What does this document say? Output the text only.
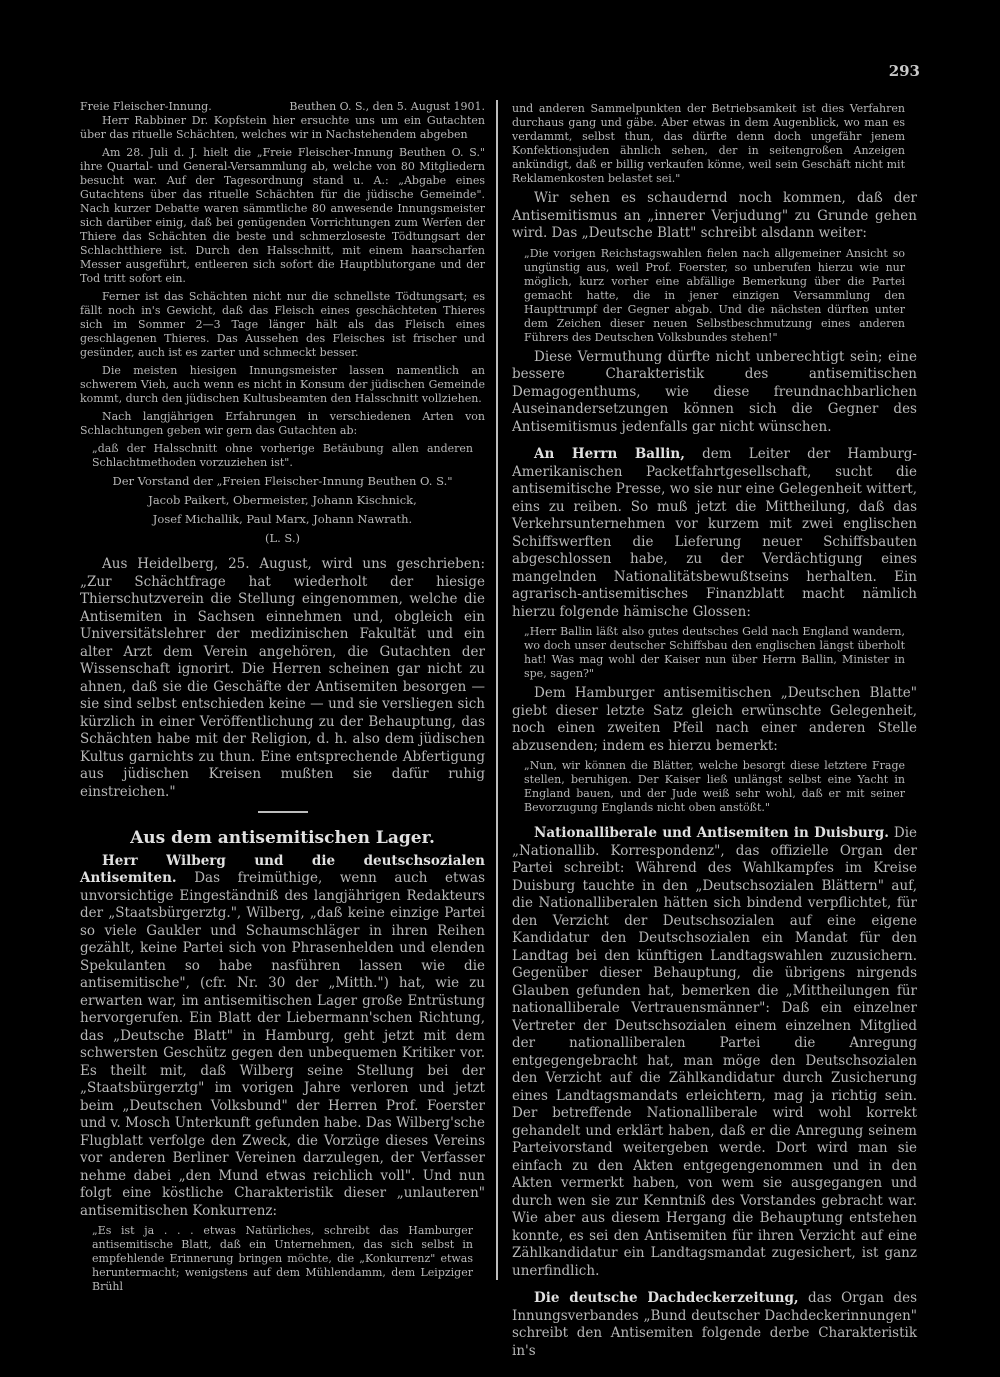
293
Freie Fleischer-Innung.	Beuthen O. S., den 5. August 1901.

Herr Rabbiner Dr. Kopfstein hier ersuchte uns um ein Gutachten über das rituelle Schächten, welches wir in Nachstehendem abgeben

Am 28. Juli d. J. hielt die „Freie Fleischer-Innung Beuthen O. S." ihre Quartal- und General-Versammlung ab, welche von 80 Mitgliedern besucht war. Auf der Tagesordnung stand u. A.: „Abgabe eines Gutachtens über das rituelle Schächten für die jüdische Gemeinde". Nach kurzer Debatte waren sämmtliche 80 anwesende Innungsmeister sich darüber einig, daß bei genügenden Vorrichtungen zum Werfen der Thiere das Schächten die beste und schmerzloseste Tödtungsart der Schlachtthiere ist. Durch den Halsschnitt, mit einem haarscharfen Messer ausgeführt, entleeren sich sofort die Hauptblutorgane und der Tod tritt sofort ein.

Ferner ist das Schächten nicht nur die schnellste Tödtungsart; es fällt noch in's Gewicht, daß das Fleisch eines geschächteten Thieres sich im Sommer 2—3 Tage länger hält als das Fleisch eines geschlagenen Thieres. Das Aussehen des Fleisches ist frischer und gesünder, auch ist es zarter und schmeckt besser.

Die meisten hiesigen Innungsmeister lassen namentlich an schwerem Vieh, auch wenn es nicht in Konsum der jüdischen Gemeinde kommt, durch den jüdischen Kultusbeamten den Halsschnitt vollziehen.

Nach langjährigen Erfahrungen in verschiedenen Arten von Schlachtungen geben wir gern das Gutachten ab:

„daß der Halsschnitt ohne vorherige Betäubung allen anderen Schlachtmethoden vorzuziehen ist".

Der Vorstand der „Freien Fleischer-Innung Beuthen O. S."

Jacob Paikert, Obermeister, Johann Kischnick,

Josef Michallik, Paul Marx, Johann Nawrath.

(L. S.)

Aus Heidelberg, 25. August, wird uns geschrieben: „Zur Schächtfrage hat wiederholt der hiesige Thierschutzverein die Stellung eingenommen, welche die Antisemiten in Sachsen einnehmen und, obgleich ein Universitätslehrer der medizinischen Fakultät und ein alter Arzt dem Verein angehören, die Gutachten der Wissenschaft ignorirt. Die Herren scheinen gar nicht zu ahnen, daß sie die Geschäfte der Antisemiten besorgen — sie sind selbst entschieden keine — und sie versliegen sich kürzlich in einer Veröffentlichung zu der Behauptung, das Schächten habe mit der Religion, d. h. also dem jüdischen Kultus garnichts zu thun. Eine entsprechende Abfertigung aus jüdischen Kreisen mußten sie dafür ruhig einstreichen."

Aus dem antisemitischen Lager.

Herr Wilberg und die deutschsozialen Antisemiten. Das freimüthige, wenn auch etwas unvorsichtige Eingeständniß des langjährigen Redakteurs der „Staatsbürgerztg.", Wilberg, „daß keine einzige Partei so viele Gaukler und Schaumschläger in ihren Reihen gezählt, keine Partei sich von Phrasenhelden und elenden Spekulanten so habe nasführen lassen wie die antisemitische", (cfr. Nr. 30 der „Mitth.") hat, wie zu erwarten war, im antisemitischen Lager große Entrüstung hervorgerufen. Ein Blatt der Liebermann'schen Richtung, das „Deutsche Blatt" in Hamburg, geht jetzt mit dem schwersten Geschütz gegen den unbequemen Kritiker vor. Es theilt mit, daß Wilberg seine Stellung bei der „Staatsbürgerztg" im vorigen Jahre verloren und jetzt beim „Deutschen Volksbund" der Herren Prof. Foerster und v. Mosch Unterkunft gefunden habe. Das Wilberg'sche Flugblatt verfolge den Zweck, die Vorzüge dieses Vereins vor anderen Berliner Vereinen darzulegen, der Verfasser nehme dabei „den Mund etwas reichlich voll". Und nun folgt eine köstliche Charakteristik dieser „unlauteren" antisemitischen Konkurrenz:

„Es ist ja . . . etwas Natürliches, schreibt das Hamburger antisemitische Blatt, daß ein Unternehmen, das sich selbst in empfehlende Erinnerung bringen möchte, die „Konkurrenz" etwas heruntermacht; wenigstens auf dem Mühlendamm, dem Leipziger Brühl

und anderen Sammelpunkten der Betriebsamkeit ist dies Verfahren durchaus gang und gäbe. Aber etwas in dem Augenblick, wo man es verdammt, selbst thun, das dürfte denn doch ungefähr jenem Konfektionsjuden ähnlich sehen, der in seitengroßen Anzeigen ankündigt, daß er billig verkaufen könne, weil sein Geschäft nicht mit Reklamenkosten belastet sei."

Wir sehen es schaudernd noch kommen, daß der Antisemitismus an „innerer Verjudung" zu Grunde gehen wird. Das „Deutsche Blatt" schreibt alsdann weiter:

„Die vorigen Reichstagswahlen fielen nach allgemeiner Ansicht so ungünstig aus, weil Prof. Foerster, so unberufen hierzu wie nur möglich, kurz vorher eine abfällige Bemerkung über die Partei gemacht hatte, die in jener einzigen Versammlung den Haupttrumpf der Gegner abgab. Und die nächsten dürften unter dem Zeichen dieser neuen Selbstbeschmutzung eines anderen Führers des Deutschen Volksbundes stehen!"

Diese Vermuthung dürfte nicht unberechtigt sein; eine bessere Charakteristik des antisemitischen Demagogenthums, wie diese freundnachbarlichen Auseinandersetzungen können sich die Gegner des Antisemitismus jedenfalls gar nicht wünschen.

An Herrn Ballin, dem Leiter der Hamburg-Amerikanischen Packetfahrtgesellschaft, sucht die antisemitische Presse, wo sie nur eine Gelegenheit wittert, eins zu reiben. So muß jetzt die Mittheilung, daß das Verkehrsunternehmen vor kurzem mit zwei englischen Schiffswerften die Lieferung neuer Schiffsbauten abgeschlossen habe, zu der Verdächtigung eines mangelnden Nationalitätsbewußtseins herhalten. Ein agrarisch-antisemitisches Finanzblatt macht nämlich hierzu folgende hämische Glossen:

„Herr Ballin läßt also gutes deutsches Geld nach England wandern, wo doch unser deutscher Schiffsbau den englischen längst überholt hat! Was mag wohl der Kaiser nun über Herrn Ballin, Minister in spe, sagen?"

Dem Hamburger antisemitischen „Deutschen Blatte" giebt dieser letzte Satz gleich erwünschte Gelegenheit, noch einen zweiten Pfeil nach einer anderen Stelle abzusenden; indem es hierzu bemerkt:

„Nun, wir können die Blätter, welche besorgt diese letztere Frage stellen, beruhigen. Der Kaiser ließ unlängst selbst eine Yacht in England bauen, und der Jude weiß sehr wohl, daß er mit seiner Bevorzugung Englands nicht oben anstößt."

Nationalliberale und Antisemiten in Duisburg. Die „Nationallib. Korrespondenz", das offizielle Organ der Partei schreibt: Während des Wahlkampfes im Kreise Duisburg tauchte in den „Deutschsozialen Blättern" auf, die Nationalliberalen hätten sich bindend verpflichtet, für den Verzicht der Deutschsozialen auf eine eigene Kandidatur den Deutschsozialen ein Mandat für den Landtag bei den künftigen Landtagswahlen zuzusichern. Gegenüber dieser Behauptung, die übrigens nirgends Glauben gefunden hat, bemerken die „Mittheilungen für nationalliberale Vertrauensmänner": Daß ein einzelner Vertreter der Deutschsozialen einem einzelnen Mitglied der nationalliberalen Partei die Anregung entgegengebracht hat, man möge den Deutschsozialen den Verzicht auf die Zählkandidatur durch Zusicherung eines Landtagsmandats erleichtern, mag ja richtig sein. Der betreffende Nationalliberale wird wohl korrekt gehandelt und erklärt haben, daß er die Anregung seinem Parteivorstand weitergeben werde. Dort wird man sie einfach zu den Akten entgegengenommen und in den Akten vermerkt haben, von wem sie ausgegangen und durch wen sie zur Kenntniß des Vorstandes gebracht war. Wie aber aus diesem Hergang die Behauptung entstehen konnte, es sei den Antisemiten für ihren Verzicht auf eine Zählkandidatur ein Landtagsmandat zugesichert, ist ganz unerfindlich.

Die deutsche Dachdeckerzeitung, das Organ des Innungsverbandes „Bund deutscher Dachdeckerinnungen" schreibt den Antisemiten folgende derbe Charakteristik in's
